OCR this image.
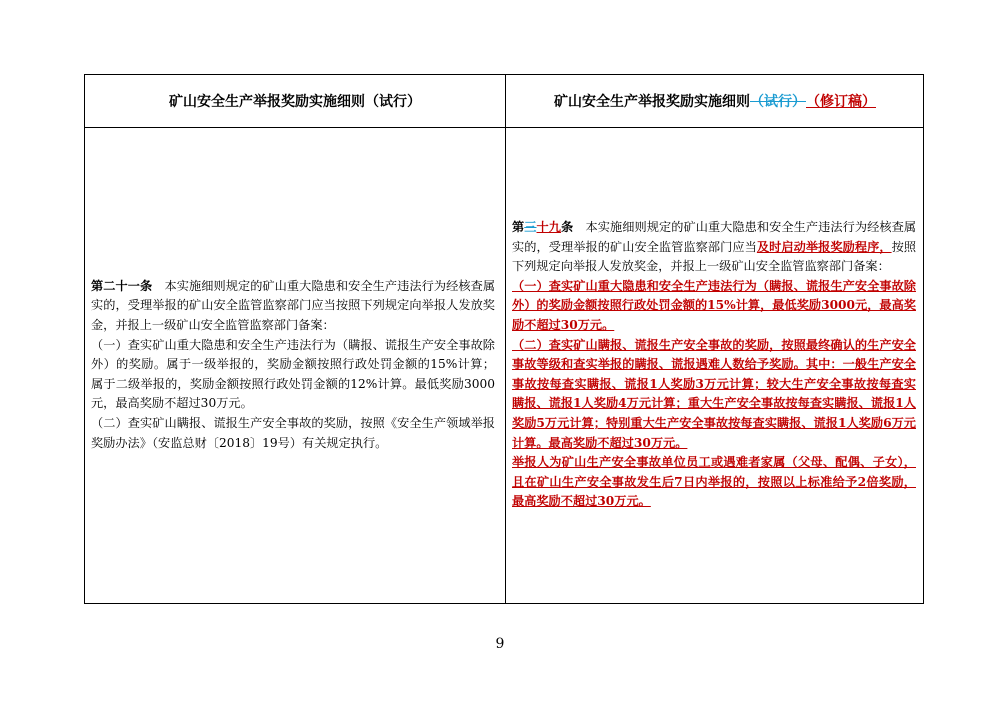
矿山安全生产举报奖励实施细则（试行）	矿山安全生产举报奖励实施细则 （试行） （修订稿）

第二十一条　 本实施细则规定的矿山重大隐患和安全生产违法行为经核查属实的，受理举报的矿山安全监管监察部门应当按照下列规定向举报人发放奖金，并报上一级矿山安全监管监察部门备案：

（一）查实矿山重大隐患和安全生产违法行为（瞒报、谎报生产安全事故除外）的奖励。属于一级举报的，奖励金额按照行政处罚金额的15%计算；属于二级举报的，奖励金额按照行政处罚金额的12%计算。最低奖励3000元，最高奖励不超过30万元。

（二）查实矿山瞒报、谎报生产安全事故的奖励，按照《安全生产领域举报奖励办法》（安监总财〔2018〕19号）有关规定执行。

第三十九条　 本实施细则规定的矿山重大隐患和安全生产违法行为经核查属实的，受理举报的矿山安全监管监察部门应当及时启动举报奖励程序，按照下列规定向举报人发放奖金，并报上一级矿山安全监管监察部门备案：

（一）查实矿山重大隐患和安全生产违法行为（瞒报、谎报生产安全事故除外）的奖励金额按照行政处罚金额的15%计算，最低奖励3000元，最高奖励不超过30万元。

（二）查实矿山瞒报、谎报生产安全事故的奖励，按照最终确认的生产安全事故等级和查实举报的瞒报、谎报遇难人数给予奖励。其中：一般生产安全事故按每查实瞒报、谎报1人奖励3万元计算；较大生产安全事故按每查实瞒报、谎报1人奖励4万元计算；重大生产安全事故按每查实瞒报、谎报1人奖励5万元计算；特别重大生产安全事故按每查实瞒报、谎报1人奖励6万元计算。最高奖励不超过30万元。

举报人为矿山生产安全事故单位员工或遇难者家属（父母、配偶、子女），且在矿山生产安全事故发生后7日内举报的，按照以上标准给予2倍奖励，最高奖励不超过30万元。

9
